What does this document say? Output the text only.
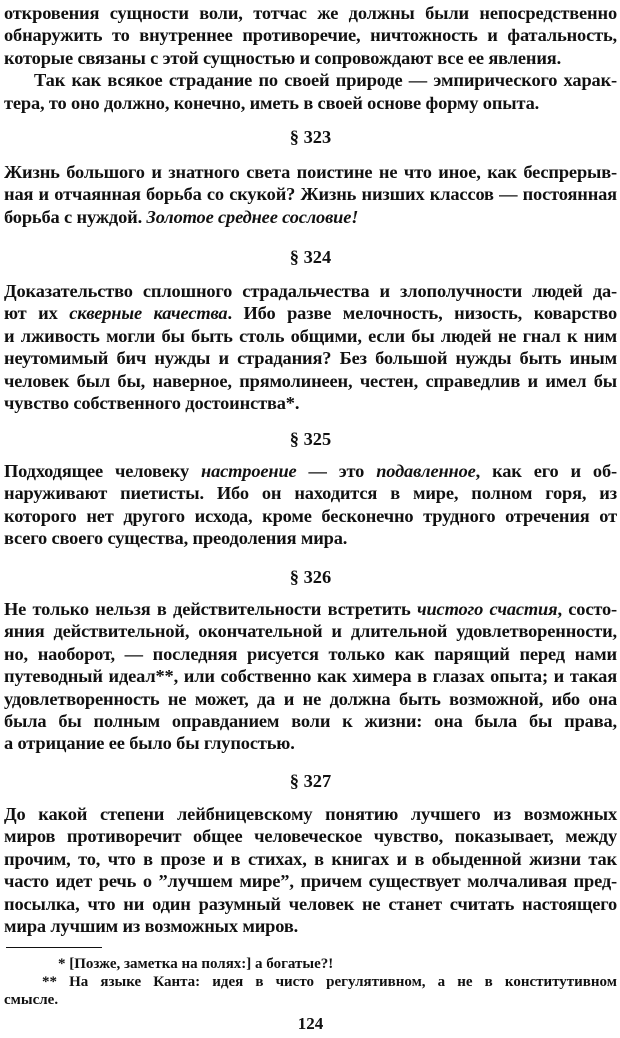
откровения сущности воли, тотчас же должны были непосредственно
обнаружить то внутреннее противоречие, ничтожность и фатальность,
которые связаны с этой сущностью и сопровождают все ее явления.

Так как всякое страдание по своей природе — эмпирического харак-
тера, то оно должно, конечно, иметь в своей основе форму опыта.

§ 323

Жизнь большого и знатного света поистине не что иное, как беспрерыв-
ная и отчаянная борьба со скукой? Жизнь низших классов — постоянная
борьба с нуждой. Золотое среднее сословие!

§ 324

Доказательство сплошного страдальчества и злополучности людей да-
ют их скверные качества. Ибо разве мелочность, низость, коварство
и лживость могли бы быть столь общими, если бы людей не гнал к ним
неутомимый бич нужды и страдания? Без большой нужды быть иным
человек был бы, наверное, прямолинеен, честен, справедлив и имел бы
чувство собственного достоинства*.

§ 325

Подходящее человеку настроение — это подавленное, как его и об-
наруживают пиетисты. Ибо он находится в мире, полном горя, из
которого нет другого исхода, кроме бесконечно трудного отречения от
всего своего существа, преодоления мира.

§ 326

Не только нельзя в действительности встретить чистого счастия, состо-
яния действительной, окончательной и длительной удовлетворенности,
но, наоборот, — последняя рисуется только как парящий перед нами
путеводный идеал**, или собственно как химера в глазах опыта; и такая
удовлетворенность не может, да и не должна быть возможной, ибо она
была бы полным оправданием воли к жизни: она была бы права,
а отрицание ее было бы глупостью.

§ 327

До какой степени лейбницевскому понятию лучшего из возможных
миров противоречит общее человеческое чувство, показывает, между
прочим, то, что в прозе и в стихах, в книгах и в обыденной жизни так
часто идет речь о ”лучшем мире”, причем существует молчаливая пред-
посылка, что ни один разумный человек не станет считать настоящего
мира лучшим из возможных миров.

* [Позже, заметка на полях:] а богатые?!

** На языке Канта: идея в чисто регулятивном, а не в конститутивном

смысле.

124
